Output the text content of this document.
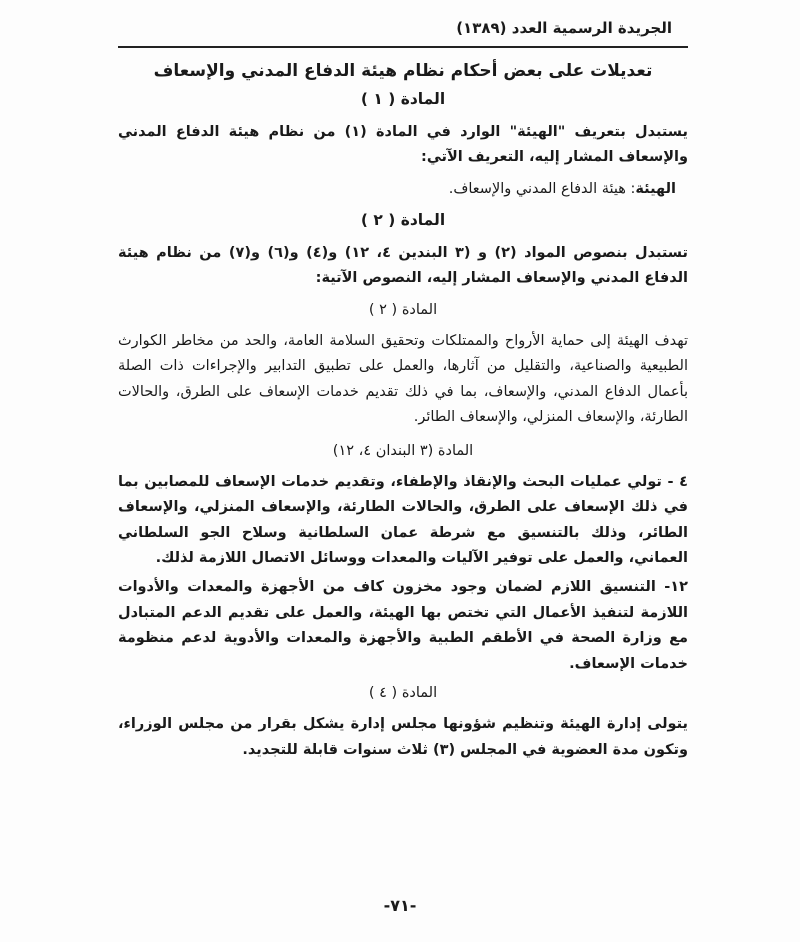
الجريدة الرسمية العدد (١٣٨٩)
تعديلات على بعض أحكام نظام هيئة الدفاع المدني والإسعاف
المادة ( ١ )

يستبدل بتعريف "الهيئة" الوارد في المادة (١) من نظام هيئة الدفاع المدني والإسعاف المشار إليه، التعريف الآتي:

الهيئة: هيئة الدفاع المدني والإسعاف.

المادة ( ٢ )

تستبدل بنصوص المواد (٢) و (٣ البندين ٤، ١٢) و(٤) و(٦) و(٧) من نظام هيئة الدفاع المدني والإسعاف المشار إليه، النصوص الآتية:

المادة ( ٢ )

تهدف الهيئة إلى حماية الأرواح والممتلكات وتحقيق السلامة العامة، والحد من مخاطر الكوارث الطبيعية والصناعية، والتقليل من آثارها، والعمل على تطبيق التدابير والإجراءات ذات الصلة بأعمال الدفاع المدني، والإسعاف، بما في ذلك تقديم خدمات الإسعاف على الطرق، والحالات الطارئة، والإسعاف المنزلي، والإسعاف الطائر.

المادة (٣ البندان ٤، ١٢)

٤ - تولي عمليات البحث والإنقاذ والإطفاء، وتقديم خدمات الإسعاف للمصابين بما في ذلك الإسعاف على الطرق، والحالات الطارئة، والإسعاف المنزلي، والإسعاف الطائر، وذلك بالتنسيق مع شرطة عمان السلطانية وسلاح الجو السلطاني العماني، والعمل على توفير الآليات والمعدات ووسائل الاتصال اللازمة لذلك.

١٢- التنسيق اللازم لضمان وجود مخزون كاف من الأجهزة والمعدات والأدوات اللازمة لتنفيذ الأعمال التي تختص بها الهيئة، والعمل على تقديم الدعم المتبادل مع وزارة الصحة في الأطقم الطبية والأجهزة والمعدات والأدوية لدعم منظومة خدمات الإسعاف.

المادة ( ٤ )

يتولى إدارة الهيئة وتنظيم شؤونها مجلس إدارة يشكل بقرار من مجلس الوزراء، وتكون مدة العضوية في المجلس (٣) ثلاث سنوات قابلة للتجديد.

-٧١-
